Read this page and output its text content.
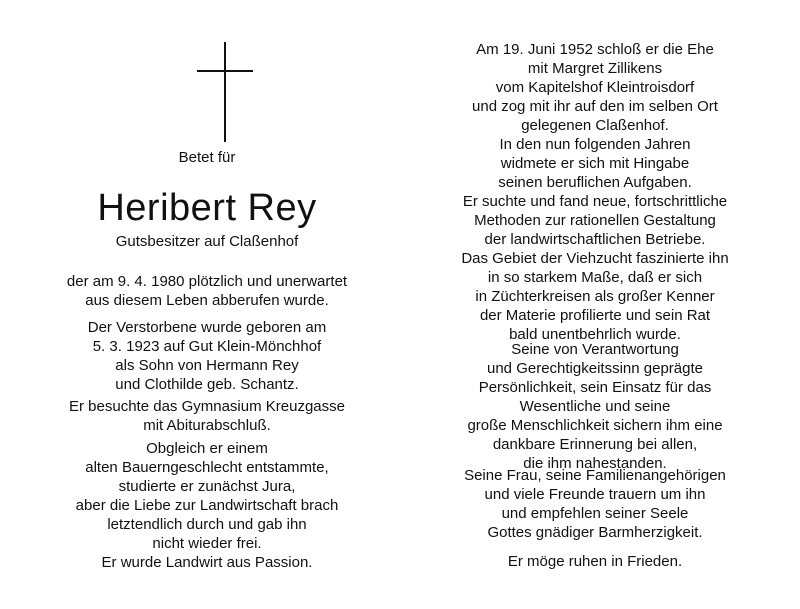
Betet für
Heribert Rey
Gutsbesitzer auf Claßenhof
der am 9. 4. 1980 plötzlich und unerwartet
aus diesem Leben abberufen wurde.
Der Verstorbene wurde geboren am
5. 3. 1923 auf Gut Klein-Mönchhof
als Sohn von Hermann Rey
und Clothilde geb. Schantz.
Er besuchte das Gymnasium Kreuzgasse
mit Abiturabschluß.
Obgleich er einem
alten Bauerngeschlecht entstammte,
studierte er zunächst Jura,
aber die Liebe zur Landwirtschaft brach
letztendlich durch und gab ihn
nicht wieder frei.
Er wurde Landwirt aus Passion.
Am 19. Juni 1952 schloß er die Ehe
mit Margret Zillikens
vom Kapitelshof Kleintroisdorf
und zog mit ihr auf den im selben Ort
gelegenen Claßenhof.
In den nun folgenden Jahren
widmete er sich mit Hingabe
seinen beruflichen Aufgaben.
Er suchte und fand neue, fortschrittliche
Methoden zur rationellen Gestaltung
der landwirtschaftlichen Betriebe.
Das Gebiet der Viehzucht faszinierte ihn
in so starkem Maße, daß er sich
in Züchterkreisen als großer Kenner
der Materie profilierte und sein Rat
bald unentbehrlich wurde.
Seine von Verantwortung
und Gerechtigkeitssinn geprägte
Persönlichkeit, sein Einsatz für das
Wesentliche und seine
große Menschlichkeit sichern ihm eine
dankbare Erinnerung bei allen,
die ihm nahestanden.
Seine Frau, seine Familienangehörigen
und viele Freunde trauern um ihn
und empfehlen seiner Seele
Gottes gnädiger Barmherzigkeit.
Er möge ruhen in Frieden.
